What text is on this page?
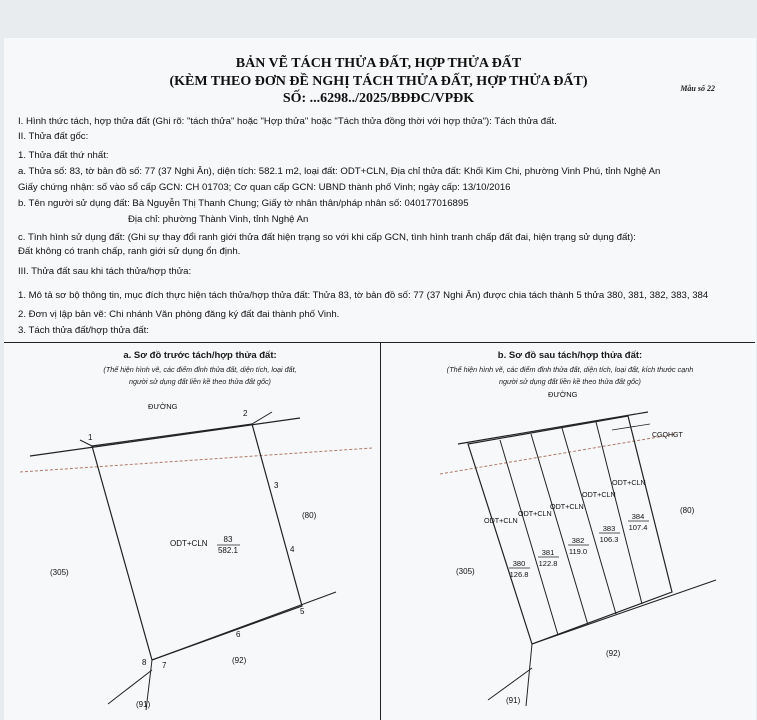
BẢN VẼ TÁCH THỬA ĐẤT, HỢP THỬA ĐẤT
(KÈM THEO ĐƠN ĐỀ NGHỊ TÁCH THỬA ĐẤT, HỢP THỬA ĐẤT)
SỐ: ...6298../2025/BĐĐC/VPĐK
Mẫu số 22
I. Hình thức tách, hợp thửa đất (Ghi rõ: "tách thửa" hoặc "Hợp thửa" hoặc "Tách thửa đồng thời với hợp thửa"): Tách thửa đất.
II. Thửa đất gốc:
1. Thửa đất thứ nhất:
a. Thửa số: 83, tờ bản đồ số: 77 (37 Nghi Ân), diện tích: 582.1 m2, loại đất: ODT+CLN, Địa chỉ thửa đất: Khối Kim Chi, phường Vinh Phú, tỉnh Nghệ An
Giấy chứng nhận: số vào sổ cấp GCN: CH 01703; Cơ quan cấp GCN: UBND thành phố Vinh; ngày cấp: 13/10/2016
b. Tên người sử dụng đất: Bà Nguyễn Thị Thanh Chung; Giấy tờ nhân thân/pháp nhân số: 040177016895
Địa chỉ: phường Thành Vinh, tỉnh Nghệ An
c. Tình hình sử dụng đất: (Ghi sự thay đổi ranh giới thửa đất hiện trạng so với khi cấp GCN, tình hình tranh chấp đất đai, hiện trạng sử dụng đất):
Đất không có tranh chấp, ranh giới sử dụng ổn định.
III. Thửa đất sau khi tách thửa/hợp thửa:
1. Mô tả sơ bộ thông tin, mục đích thực hiện tách thửa/hợp thửa đất: Thửa 83, tờ bản đồ số: 77 (37 Nghi Ân) được chia tách thành 5 thửa 380, 381, 382, 383, 384
2. Đơn vị lập bản vẽ: Chi nhánh Văn phòng đăng ký đất đai thành phố Vinh.
3. Tách thửa đất/hợp thửa đất:
a. Sơ đồ trước tách/hợp thửa đất:
(Thể hiện hình vẽ, các điểm đỉnh thửa đất, diện tích, loại đất,
người sử dụng đất liền kề theo thửa đất gốc)
1
2
3
4
5
6
7
8
ĐƯỜNG
ODT+CLN 83
582.1
(305)
(80)
(92)
(91)
b. Sơ đồ sau tách/hợp thửa đất:
(Thể hiện hình vẽ, các điểm đỉnh thửa đất, diện tích, loại đất, kích thước cạnh
người sử dụng đất liền kề theo thửa đất gốc)
ODT+CLN
380
126.8
ODT+CLN
381
122.8
ODT+CLN
382
119.0
ODT+CLN
383
106.3
ODT+CLN
384
107.4
ĐƯỜNG
CGQHGT
(305)
(80)
(92)
(91)
